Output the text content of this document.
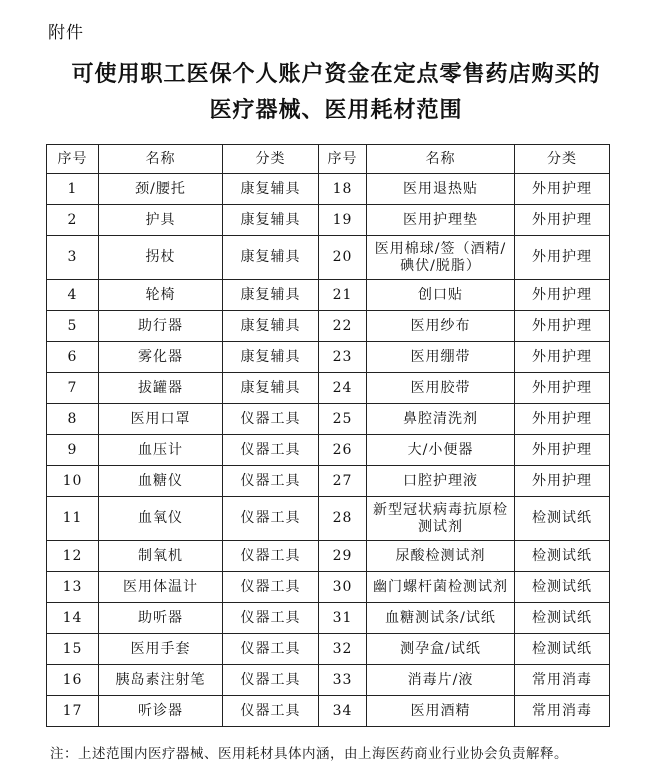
附件
可使用职工医保个人账户资金在定点零售药店购买的
医疗器械、医用耗材范围
序号	名称	分类	序号	名称	分类
1	颈/腰托	康复辅具	18	医用退热贴	外用护理
2	护具	康复辅具	19	医用护理垫	外用护理
3	拐杖	康复辅具	20	医用棉球/签（酒精/碘伏/脱脂）	外用护理
4	轮椅	康复辅具	21	创口贴	外用护理
5	助行器	康复辅具	22	医用纱布	外用护理
6	雾化器	康复辅具	23	医用绷带	外用护理
7	拔罐器	康复辅具	24	医用胶带	外用护理
8	医用口罩	仪器工具	25	鼻腔清洗剂	外用护理
9	血压计	仪器工具	26	大/小便器	外用护理
10	血糖仪	仪器工具	27	口腔护理液	外用护理
11	血氧仪	仪器工具	28	新型冠状病毒抗原检测试剂	检测试纸
12	制氧机	仪器工具	29	尿酸检测试剂	检测试纸
13	医用体温计	仪器工具	30	幽门螺杆菌检测试剂	检测试纸
14	助听器	仪器工具	31	血糖测试条/试纸	检测试纸
15	医用手套	仪器工具	32	测孕盒/试纸	检测试纸
16	胰岛素注射笔	仪器工具	33	消毒片/液	常用消毒
17	听诊器	仪器工具	34	医用酒精	常用消毒
注：上述范围内医疗器械、医用耗材具体内涵，由上海医药商业行业协会负责解释。
